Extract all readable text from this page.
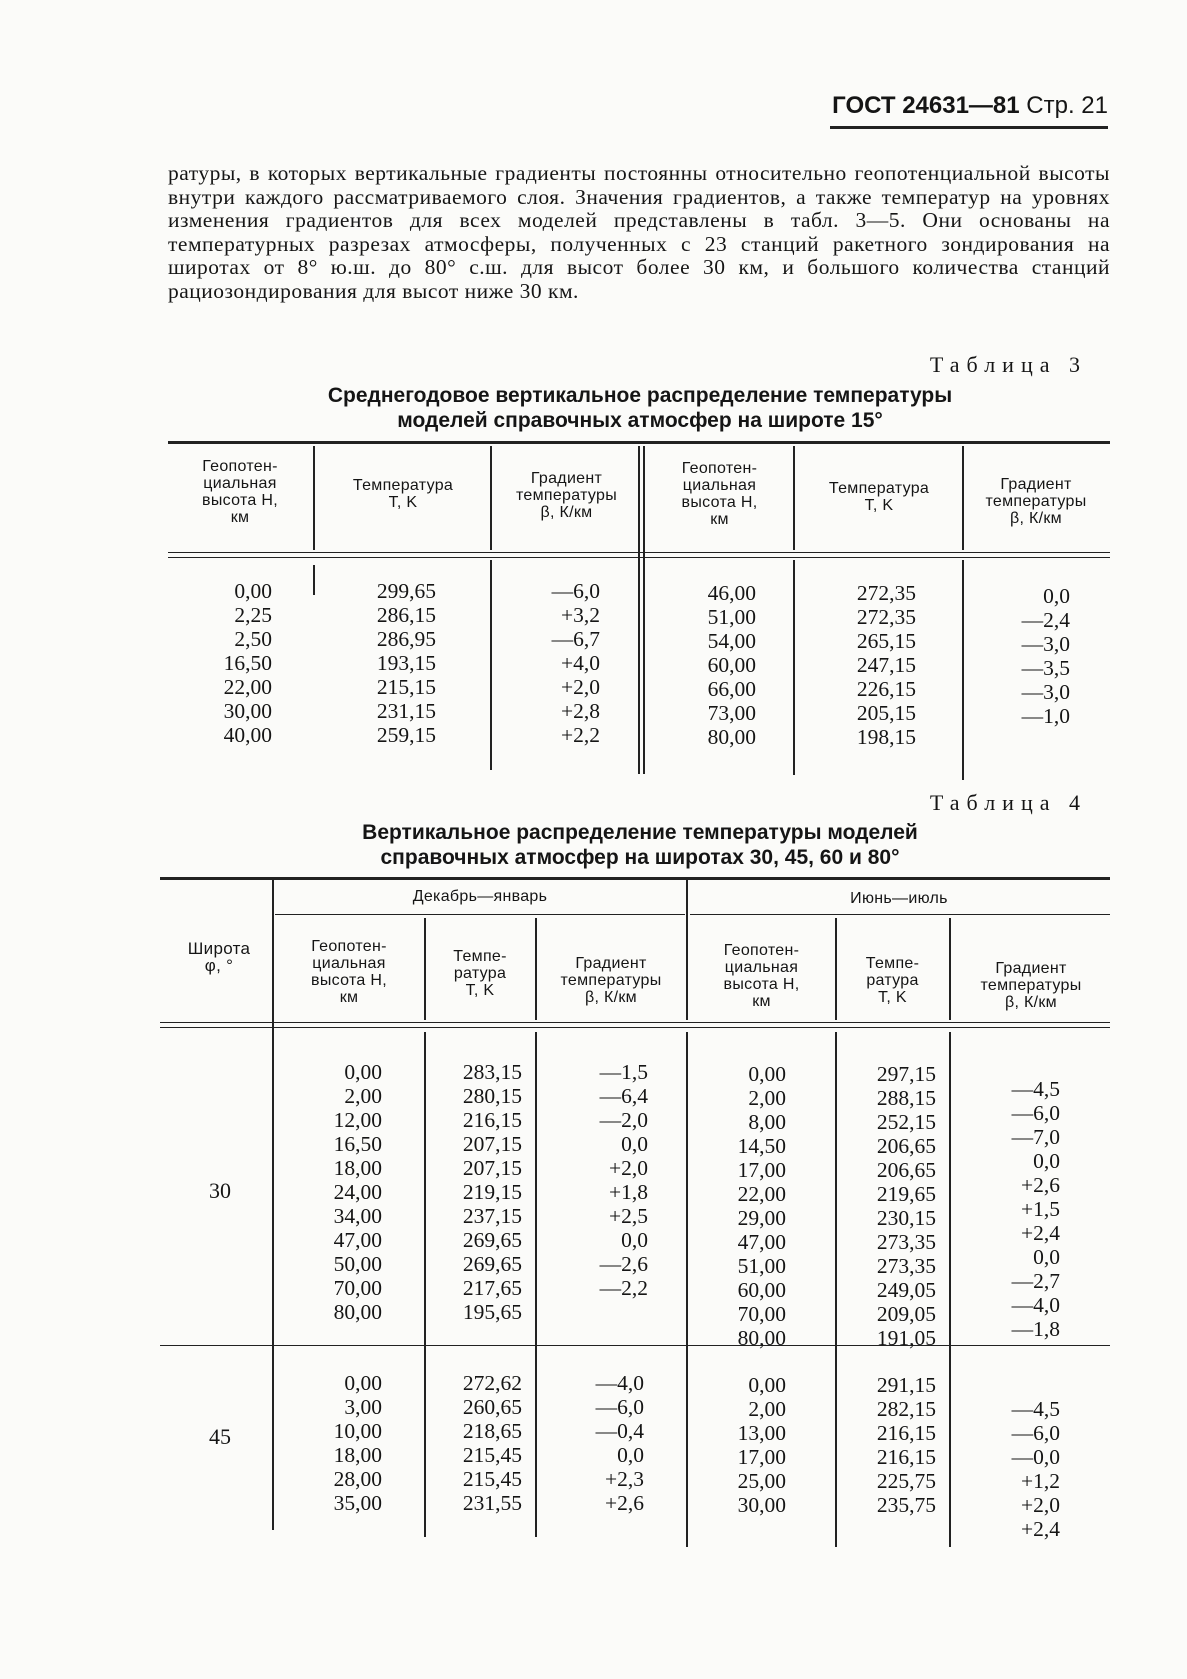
ГОСТ 24631—81 Стр. 21
ратуры, в которых вертикальные градиенты постоянны относительно геопотенциальной высоты внутри каждого рассматриваемого слоя. Значения градиентов, а также температур на уровнях изменения градиентов для всех моделей представлены в табл. 3—5. Они основаны на температурных разрезах атмосферы, полученных с 23 станций ракетного зондирования на широтах от 8° ю.ш. до 80° с.ш. для высот более 30 км, и большого количества станций рациозондирования для высот ниже 30 км.
Таблица 3
Среднегодовое вертикальное распределение температуры
моделей справочных атмосфер на широте 15°
Геопотен-
циальная
высота H,
км
Температура
T, K
Градиент
температуры
β, К/км
Геопотен-
циальная
высота H,
км
Температура
T, K
Градиент
температуры
β, К/км
0,00
2,25
2,50
16,50
22,00
30,00
40,00
299,65
286,15
286,95
193,15
215,15
231,15
259,15
—6,0
+3,2
—6,7
+4,0
+2,0
+2,8
+2,2
46,00
51,00
54,00
60,00
66,00
73,00
80,00
272,35
272,35
265,15
247,15
226,15
205,15
198,15
0,0
—2,4
—3,0
—3,5
—3,0
—1,0
Таблица 4
Вертикальное распределение температуры моделей
справочных атмосфер на широтах 30, 45, 60 и 80°
Широта
φ, °
Декабрь—январь	Июнь—июль
Геопотен-
циальная
высота H,
км
Темпе-
ратура
T, K
Градиент
температуры
β, К/км
Геопотен-
циальная
высота H,
км
Темпе-
ратура
T, K
Градиент
температуры
β, К/км
30
0,00
2,00
12,00
16,50
18,00
24,00
34,00
47,00
50,00
70,00
80,00
283,15
280,15
216,15
207,15
207,15
219,15
237,15
269,65
269,65
217,65
195,65
—1,5
—6,4
—2,0
0,0
+2,0
+1,8
+2,5
0,0
—2,6
—2,2
0,00
2,00
8,00
14,50
17,00
22,00
29,00
47,00
51,00
60,00
70,00
80,00
297,15
288,15
252,15
206,65
206,65
219,65
230,15
273,35
273,35
249,05
209,05
191,05
—4,5
—6,0
—7,0
0,0
+2,6
+1,5
+2,4
0,0
—2,7
—4,0
—1,8
45
0,00
3,00
10,00
18,00
28,00
35,00
272,62
260,65
218,65
215,45
215,45
231,55
—4,0
—6,0
—0,4
0,0
+2,3
+2,6
0,00
2,00
13,00
17,00
25,00
30,00
291,15
282,15
216,15
216,15
225,75
235,75
—4,5
—6,0
—0,0
+1,2
+2,0
+2,4
